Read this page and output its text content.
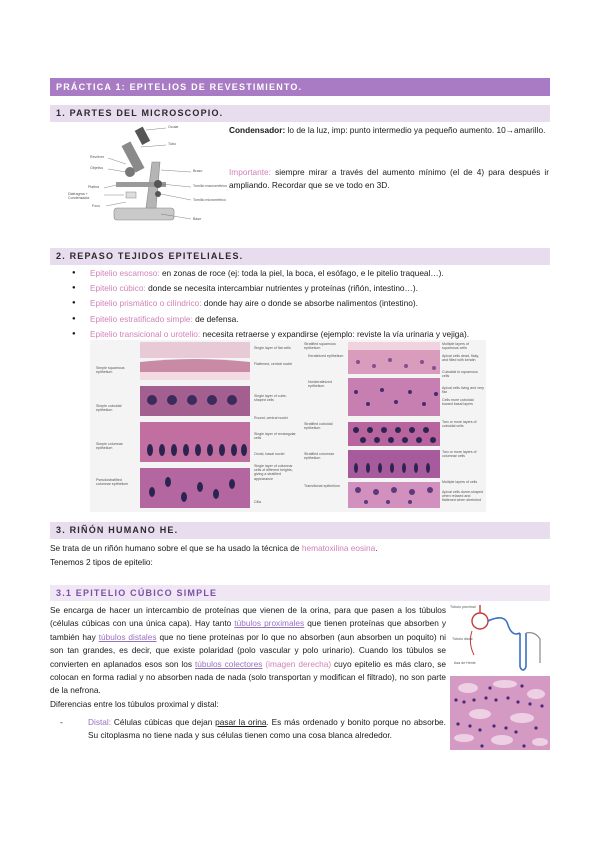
PRÁCTICA 1: EPITELIOS DE REVESTIMIENTO.
1. PARTES DEL MICROSCOPIO.
Ocular
Tubo
Revólver
Objetivo
Brazo
Platina
Diafragma + Condensador
Tornillo macrométrico
Tornillo micrométrico
Foco
Base
Condensador: lo de la luz, imp: punto intermedio ya pequeño aumento. 10→amarillo.
Importante: siempre mirar a través del aumento mínimo (el de 4) para después ir ampliando. Recordar que se ve todo en 3D.
2. REPASO TEJIDOS EPITELIALES.
● Epitelio escamoso: en zonas de roce (ej: toda la piel, la boca, el esófago, e le pitelio traqueal…).
● Epitelio cúbico: donde se necesita intercambiar nutrientes y proteínas (riñón, intestino…).
● Epitelio prismático o cilíndrico: donde hay aire o donde se absorbe nalimentos (intestino).
● Epitelio estratificado simple: de defensa.
● Epitelio transicional o urotelio: necesita retraerse y expandirse (ejemplo: reviste la vía urinaria y vejiga).
Simple squamous epithelium
Simple cuboidal epithelium
Simple columnar epithelium
Pseudostratified columnar epithelium
Single layer of flat cells
Flattened, central nuclei
Single layer of cube-shaped cells
Round, central nuclei
Single layer of rectangular cells
Ovoid, basal nuclei
Single layer of columnar cells of different heights, giving a stratified appearance
Cilia
Stratified squamous epithelium
Keratinized epithelium
Nonkeratinized epithelium
Stratified cuboidal epithelium
Stratified columnar epithelium
Transitional epithelium
Multiple layers of squamous cells
Apical cells dead, flaky, and filled with keratin
Cuboidal to squamous cells
Apical cells living and very flat
Cells more cuboidal toward basal layers
Two or more layers of cuboidal cells
Two or more layers of columnar cells
Multiple layers of cells
Apical cells dome-shaped when relaxed and flattened when stretched
3. RIÑÓN HUMANO HE.
Se trata de un riñón humano sobre el que se ha usado la técnica de hematoxilina eosina.
Tenemos 2 tipos de epitelio:
3.1 EPITELIO CÚBICO SIMPLE
Se encarga de hacer un intercambio de proteínas que vienen de la orina, para que pasen a los túbulos (células cúbicas con una única capa). Hay tanto túbulos proximales que tienen proteínas que absorben y también hay túbulos distales que no tiene proteínas por lo que no absorben (aun absorben un poquito) ni son tan grandes, es decir, que existe polaridad (polo vascular y polo urinario). Cuando los túbulos se convierten en aplanados esos son los túbulos colectores (imagen derecha) cuyo epitelio es más claro, se colocan en forma radial y no absorben nada de nada (solo transportan y modifican el filtrado), no son parte de la nefrona.
Diferencias entre los túbulos proximal y distal:
-	Distal: Células cúbicas que dejan pasar la orina. Es más ordenado y bonito porque no absorbe. Su citoplasma no tiene nada y sus células tienen como una cosa blanca alrededor.
Túbulo proximal
Túbulo distal
Asa de Henle
